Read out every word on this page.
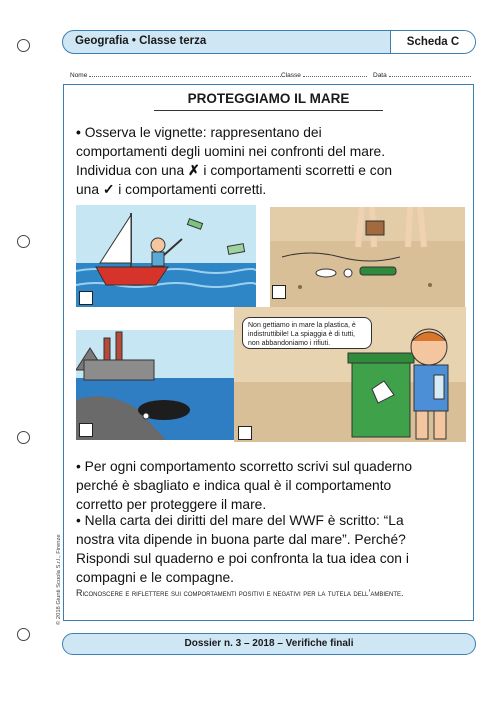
Geografia • Classe terza	Scheda C
Nome	Classe	Data
© 2018 Giunti Scuola S.r.l., Firenze
PROTEGGIAMO IL MARE
• Osserva le vignette: rappresentano dei
comportamenti degli uomini nei confronti del mare.
Individua con una ✗ i comportamenti scorretti e con
una ✓ i comportamenti corretti.
Non gettiamo in mare la plastica, è indistruttibile! La spiaggia è di tutti, non abbandoniamo i rifiuti.
• Per ogni comportamento scorretto scrivi sul quaderno
perché è sbagliato e indica qual è il comportamento
corretto per proteggere il mare.
• Nella carta dei diritti del mare del WWF è scritto: “La
nostra vita dipende in buona parte dal mare”. Perché?
Rispondi sul quaderno e poi confronta la tua idea con i
compagni e le compagne.
Riconoscere e riflettere sui comportamenti positivi e negativi per la tutela dell’ambiente.
Dossier n. 3 – 2018 – Verifiche finali
